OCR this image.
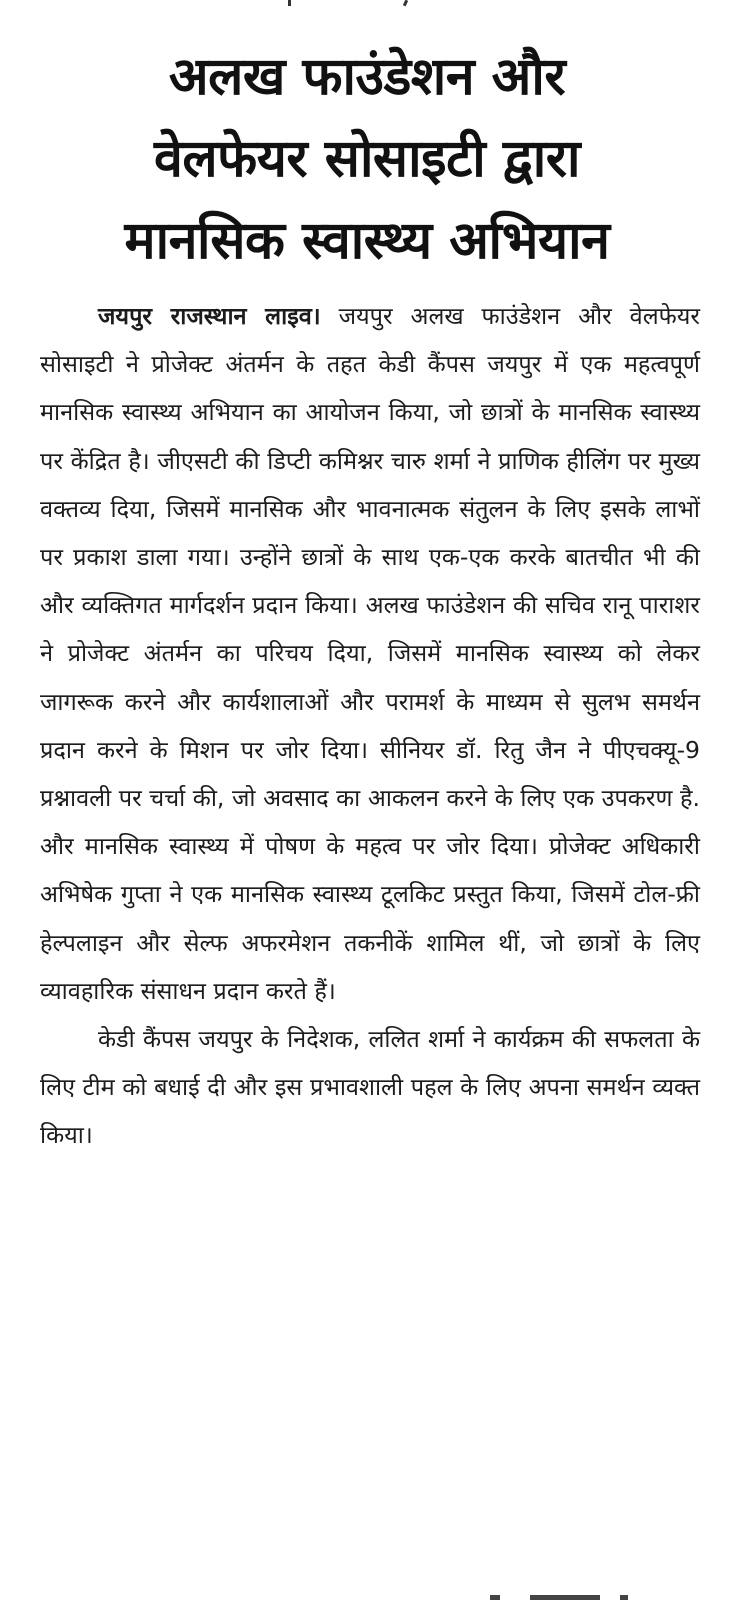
अलख फाउंडेशन और
वेलफेयर सोसाइटी द्वारा
मानसिक स्वास्थ्य अभियान

जयपुर राजस्थान लाइव। जयपुर अलख फाउंडेशन और वेलफेयर सोसाइटी ने प्रोजेक्ट अंतर्मन के तहत केडी कैंपस जयपुर में एक महत्वपूर्ण मानसिक स्वास्थ्य अभियान का आयोजन किया, जो छात्रों के मानसिक स्वास्थ्य पर केंद्रित है। जीएसटी की डिप्टी कमिश्नर चारु शर्मा ने प्राणिक हीलिंग पर मुख्य वक्तव्य दिया, जिसमें मानसिक और भावनात्मक संतुलन के लिए इसके लाभों पर प्रकाश डाला गया। उन्होंने छात्रों के साथ एक-एक करके बातचीत भी की और व्यक्तिगत मार्गदर्शन प्रदान किया। अलख फाउंडेशन की सचिव रानू पाराशर ने प्रोजेक्ट अंतर्मन का परिचय दिया, जिसमें मानसिक स्वास्थ्य को लेकर जागरूक करने और कार्यशालाओं और परामर्श के माध्यम से सुलभ समर्थन प्रदान करने के मिशन पर जोर दिया। सीनियर डॉ. रितु जैन ने पीएचक्यू-9 प्रश्नावली पर चर्चा की, जो अवसाद का आकलन करने के लिए एक उपकरण है. और मानसिक स्वास्थ्य में पोषण के महत्व पर जोर दिया। प्रोजेक्ट अधिकारी अभिषेक गुप्ता ने एक मानसिक स्वास्थ्य टूलकिट प्रस्तुत किया, जिसमें टोल-फ्री हेल्पलाइन और सेल्फ अफरमेशन तकनीकें शामिल थीं, जो छात्रों के लिए व्यावहारिक संसाधन प्रदान करते हैं।

केडी कैंपस जयपुर के निदेशक, ललित शर्मा ने कार्यक्रम की सफलता के लिए टीम को बधाई दी और इस प्रभावशाली पहल के लिए अपना समर्थन व्यक्त किया।
